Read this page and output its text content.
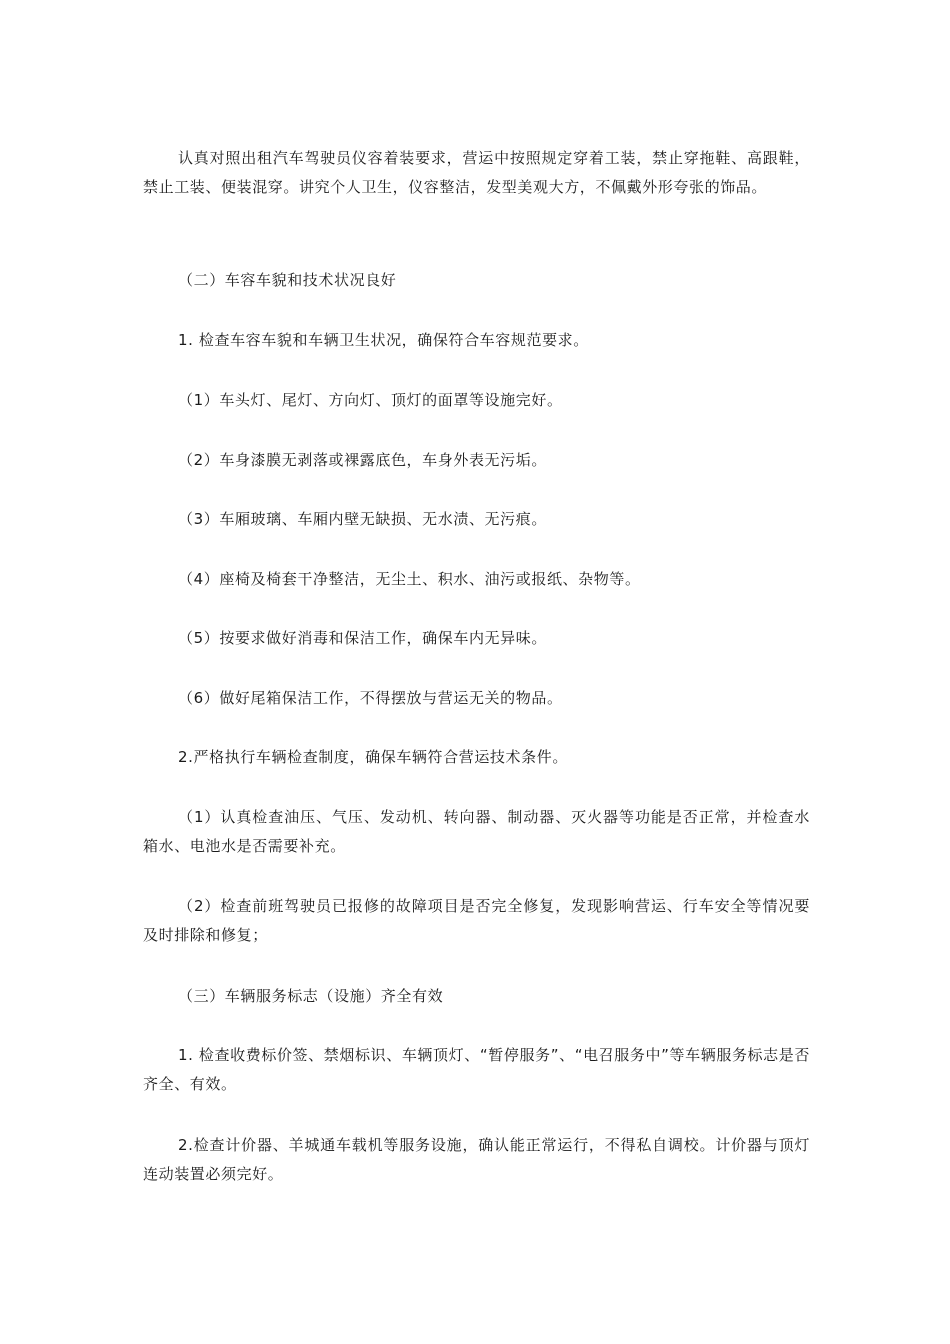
认真对照出租汽车驾驶员仪容着装要求，营运中按照规定穿着工装，禁止穿拖鞋、高跟鞋，禁止工装、便装混穿。讲究个人卫生，仪容整洁，发型美观大方，不佩戴外形夸张的饰品。

（二）车容车貌和技术状况良好

1. 检查车容车貌和车辆卫生状况，确保符合车容规范要求。

（1）车头灯、尾灯、方向灯、顶灯的面罩等设施完好。

（2）车身漆膜无剥落或裸露底色，车身外表无污垢。

（3）车厢玻璃、车厢内壁无缺损、无水渍、无污痕。

（4）座椅及椅套干净整洁，无尘土、积水、油污或报纸、杂物等。

（5）按要求做好消毒和保洁工作，确保车内无异味。

（6）做好尾箱保洁工作，不得摆放与营运无关的物品。

2.严格执行车辆检查制度，确保车辆符合营运技术条件。

（1）认真检查油压、气压、发动机、转向器、制动器、灭火器等功能是否正常，并检查水箱水、电池水是否需要补充。

（2）检查前班驾驶员已报修的故障项目是否完全修复，发现影响营运、行车安全等情况要及时排除和修复；

（三）车辆服务标志（设施）齐全有效

1. 检查收费标价签、禁烟标识、车辆顶灯、“暂停服务”、“电召服务中”等车辆服务标志是否齐全、有效。

2.检查计价器、羊城通车载机等服务设施，确认能正常运行，不得私自调校。计价器与顶灯连动装置必须完好。
